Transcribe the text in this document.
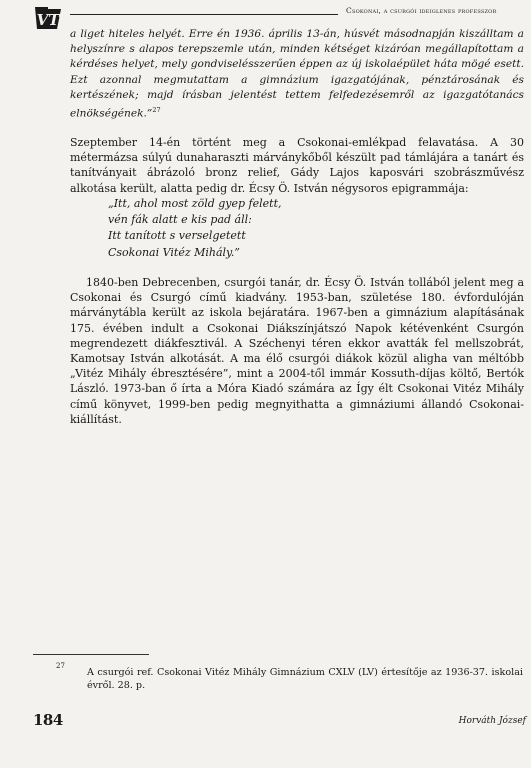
VT
Csokonai, a csurgói ideiglenes professzor
a liget hiteles helyét. Erre én 1936. április 13-án, húsvét másodnapján kiszálltam a helyszínre s alapos terepszemle után, minden kétséget kizáróan megállapítottam a kérdéses helyet, mely gondviselésszerűen éppen az új iskolaépület háta mögé esett. Ezt azonnal megmutattam a gimnázium igazgatójának, pénztárosának és kertészének; majd írásban jelentést tettem felfedezésemről az igazgatótanács elnökségének.”$^{27}$
Szeptember 14-én történt meg a Csokonai-emlékpad felavatása. A 30 métermázsa súlyú dunaharaszti márványkőből készült pad támlájára a tanárt és tanítványait ábrázoló bronz relief, Gády Lajos kaposvári szobrászművész alkotása került, alatta pedig dr. Écsy Ö. István négysoros epigrammája:
„Itt, ahol most zöld gyep felett,
vén fák alatt e kis pad áll:
Itt tanított s verselgetett
Csokonai Vitéz Mihály.”
1840-ben Debrecenben, csurgói tanár, dr. Écsy Ö. István tollából jelent meg a Csokonai és Csurgó című kiadvány. 1953-ban, születése 180. évfordulóján márványtábla került az iskola bejáratára. 1967-ben a gimnázium alapításának 175. évében indult a Csokonai Diákszínjátszó Napok kétévenként Csurgón megrendezett diákfesztivál. A Széchenyi téren ekkor avatták fel mellszobrát, Kamotsay István alkotását. A ma élő csurgói diákok közül aligha van méltóbb „Vitéz Mihály ébresztésére”, mint a 2004-től immár Kossuth-díjas költő, Bertók László. 1973-ban ő írta a Móra Kiadó számára az Így élt Csokonai Vitéz Mihály című könyvet, 1999-ben pedig megnyithatta a gimnáziumi állandó Csokonai-kiállítást.
27
A csurgói ref. Csokonai Vitéz Mihály Gimnázium CXLV (LV) értesítője az 1936-37. iskolai évről. 28. p.
184	Horváth József
